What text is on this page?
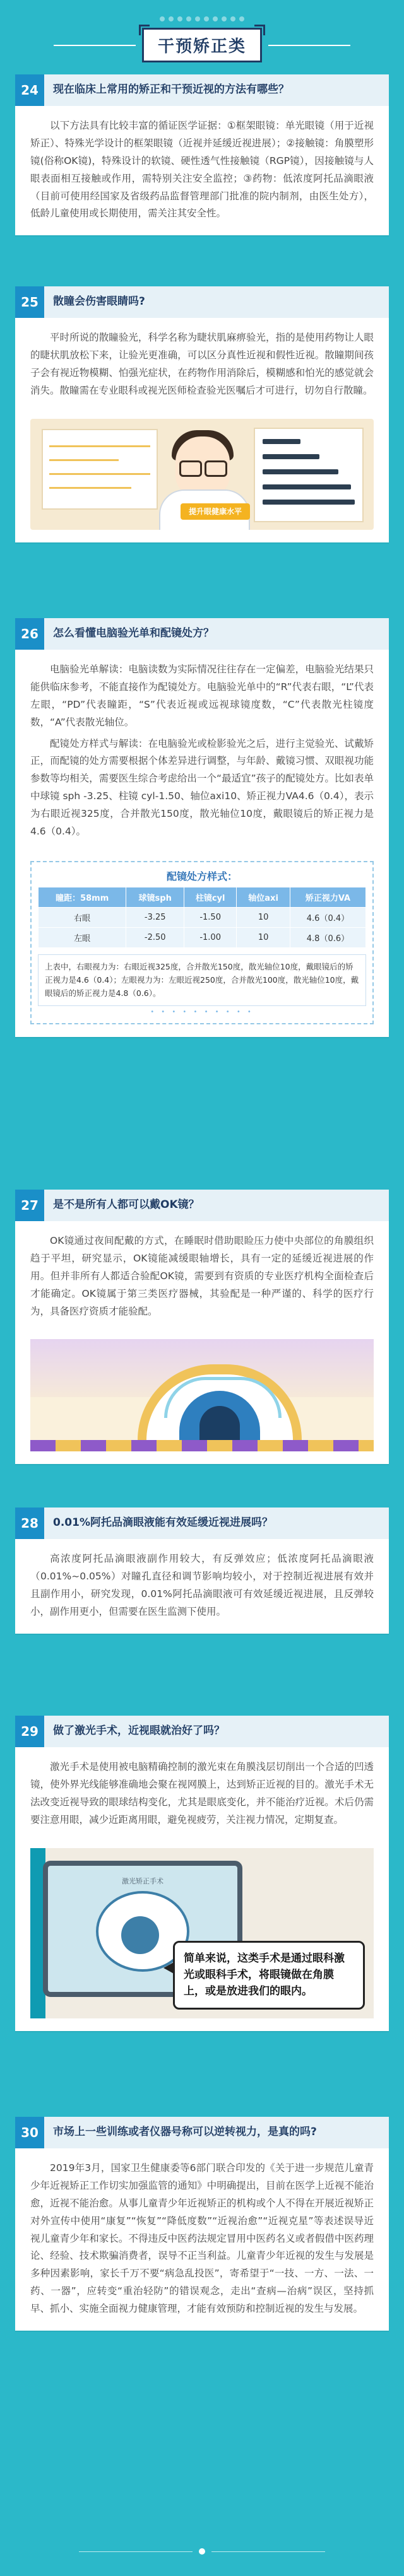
干预矫正类
24	现在临床上常用的矫正和干预近视的方法有哪些？

以下方法具有比较丰富的循证医学证据：①框架眼镜：单光眼镜（用于近视矫正）、特殊光学设计的框架眼镜（近视并延缓近视进展）；②接触镜：角膜塑形镜(俗称OK镜)，特殊设计的软镜、硬性透气性接触镜（RGP镜），因接触镜与人眼表面相互接触或作用，需特别关注安全监控；③药物：低浓度阿托品滴眼液（目前可使用经国家及省级药品监督管理部门批准的院内制剂，由医生处方），低龄儿童使用或长期使用，需关注其安全性。

25	散瞳会伤害眼睛吗?

平时所说的散瞳验光，科学名称为睫状肌麻痹验光，指的是使用药物让人眼的睫状肌放松下来，让验光更准确，可以区分真性近视和假性近视。散瞳期间孩子会有视近物模糊、怕强光症状，在药物作用消除后，模糊感和怕光的感觉就会消失。散瞳需在专业眼科或视光医师检查验光医嘱后才可进行，切勿自行散瞳。

提升眼健康水平
26	怎么看懂电脑验光单和配镜处方？

电脑验光单解读：电脑读数为实际情况往往存在一定偏差，电脑验光结果只能供临床参考，不能直接作为配镜处方。电脑验光单中的“R”代表右眼，“L”代表左眼，“PD”代表瞳距，“S”代表近视或远视球镜度数，“C”代表散光柱镜度数，“A”代表散光轴位。

配镜处方样式与解读：在电脑验光或检影验光之后，进行主觉验光、试戴矫正，而配镜的处方需要根据个体差异进行调整，与年龄、戴镜习惯、双眼视功能参数等均相关，需要医生综合考虑给出一个“最适宜”孩子的配镜处方。比如表单中球镜 sph -3.25、柱镜 cyl-1.50、轴位axi10、矫正视力VA4.6（0.4），表示为右眼近视325度，合并散光150度，散光轴位10度，戴眼镜后的矫正视力是4.6（0.4）。

配镜处方样式：
瞳距：58mm	球镜sph	柱镜cyl	轴位axi	矫正视力VA
右眼	-3.25	-1.50	10	4.6（0.4）
左眼	-2.50	-1.00	10	4.8（0.6）
上表中，右眼视力为：右眼近视325度，合并散光150度，散光轴位10度，戴眼镜后的矫正视力是4.6（0.4）；左眼视力为：左眼近视250度，合并散光100度，散光轴位10度，戴眼镜后的矫正视力是4.8（0.6）。
• • • • • • • • • •
27	是不是所有人都可以戴OK镜？

OK镜通过夜间配戴的方式，在睡眠时借助眼睑压力使中央部位的角膜组织趋于平坦，研究显示，OK镜能减缓眼轴增长，具有一定的延缓近视进展的作用。但并非所有人都适合验配OK镜，需要到有资质的专业医疗机构全面检查后才能确定。OK镜属于第三类医疗器械，其验配是一种严谨的、科学的医疗行为，具备医疗资质才能验配。

28	0.01%阿托品滴眼液能有效延缓近视进展吗？

高浓度阿托品滴眼液副作用较大，有反弹效应；低浓度阿托品滴眼液（0.01%~0.05%）对瞳孔直径和调节影响均较小，对于控制近视进展有效并且副作用小，研究发现，0.01%阿托品滴眼液可有效延缓近视进展，且反弹较小，副作用更小，但需要在医生监测下使用。

29	做了激光手术，近视眼就治好了吗？

激光手术是使用被电脑精确控制的激光束在角膜浅层切削出一个合适的凹透镜，使外界光线能够准确地会聚在视网膜上，达到矫正近视的目的。激光手术无法改变近视导致的眼球结构变化，尤其是眼底变化，并不能治疗近视。术后仍需要注意用眼，减少近距离用眼，避免视疲劳，关注视力情况，定期复查。

激光矫正手术
简单来说，这类手术是通过眼科激光或眼科手术，将眼镜做在角膜上，或是放进我们的眼内。
30	市场上一些训练或者仪器号称可以逆转视力，是真的吗?

2019年3月，国家卫生健康委等6部门联合印发的《关于进一步规范儿童青少年近视矫正工作切实加强监管的通知》中明确提出，目前在医学上近视不能治愈，近视不能治愈。从事儿童青少年近视矫正的机构或个人不得在开展近视矫正对外宣传中使用“康复”“恢复”“降低度数”“近视治愈”“近视克星”等表述误导近视儿童青少年和家长。不得违反中医药法规定冒用中医药名义或者假借中医药理论、经验、技术欺骗消费者，误导不正当利益。儿童青少年近视的发生与发展是多种因素影响，家长千万不要“病急乱投医”，寄希望于“一技、一方、一法、一药、一器”，应转变“重治轻防”的错误观念，走出“查病—治病”误区，坚持抓早、抓小、实施全面视力健康管理，才能有效预防和控制近视的发生与发展。
